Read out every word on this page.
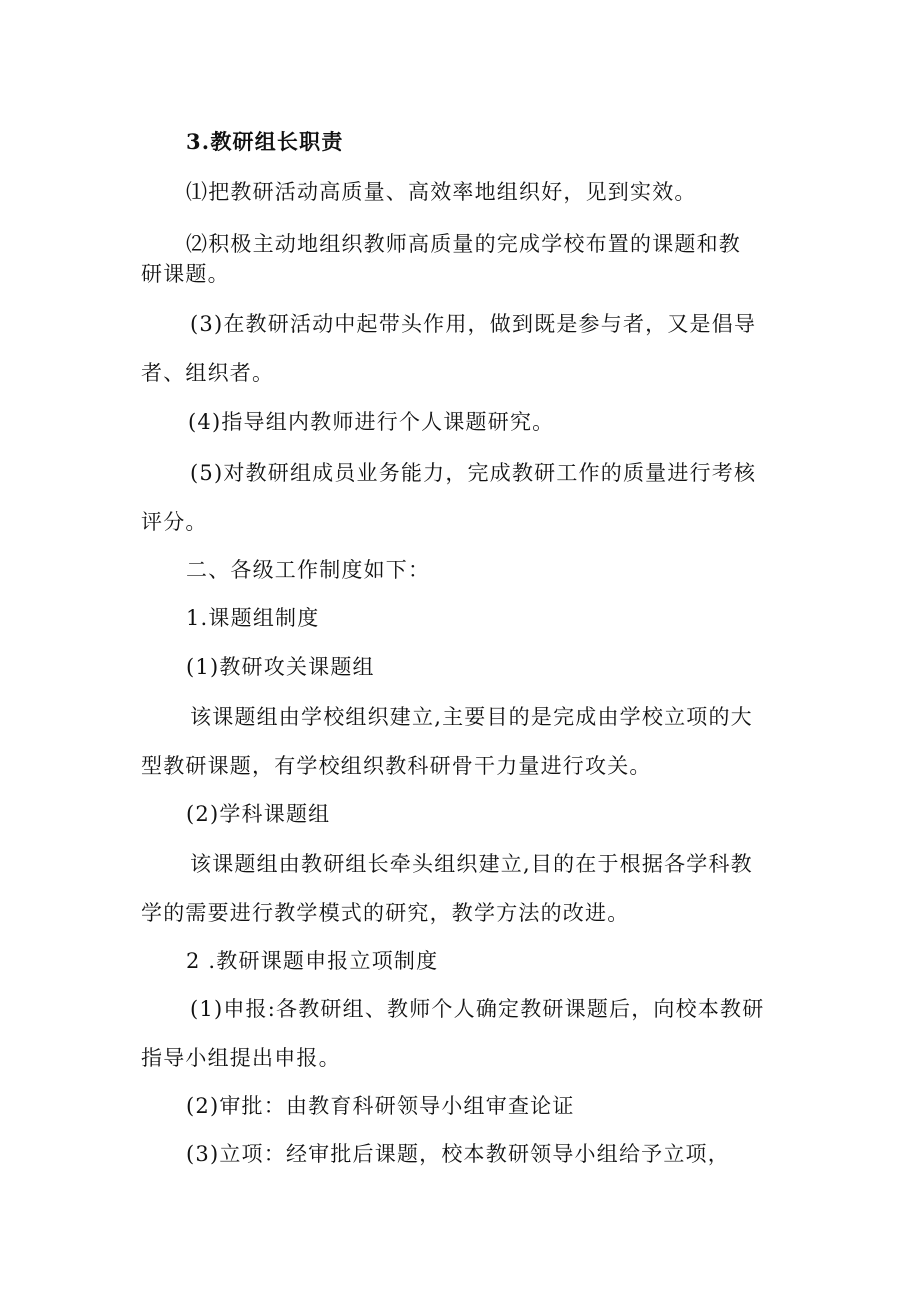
3.教研组长职责
⑴把教研活动高质量、高效率地组织好，见到实效。
⑵积极主动地组织教师高质量的完成学校布置的课题和教
研课题。
(3)在教研活动中起带头作用，做到既是参与者，又是倡导
者、组织者。
(4)指导组内教师进行个人课题研究。
(5)对教研组成员业务能力，完成教研工作的质量进行考核
评分。
二、各级工作制度如下：
1.课题组制度
(1)教研攻关课题组
该课题组由学校组织建立,主要目的是完成由学校立项的大
型教研课题，有学校组织教科研骨干力量进行攻关。
(2)学科课题组
该课题组由教研组长牵头组织建立,目的在于根据各学科教
学的需要进行教学模式的研究，教学方法的改进。
2 .教研课题申报立项制度
(1)申报:各教研组、教师个人确定教研课题后，向校本教研
指导小组提出申报。
(2)审批：由教育科研领导小组审查论证
(3)立项：经审批后课题，校本教研领导小组给予立项，
